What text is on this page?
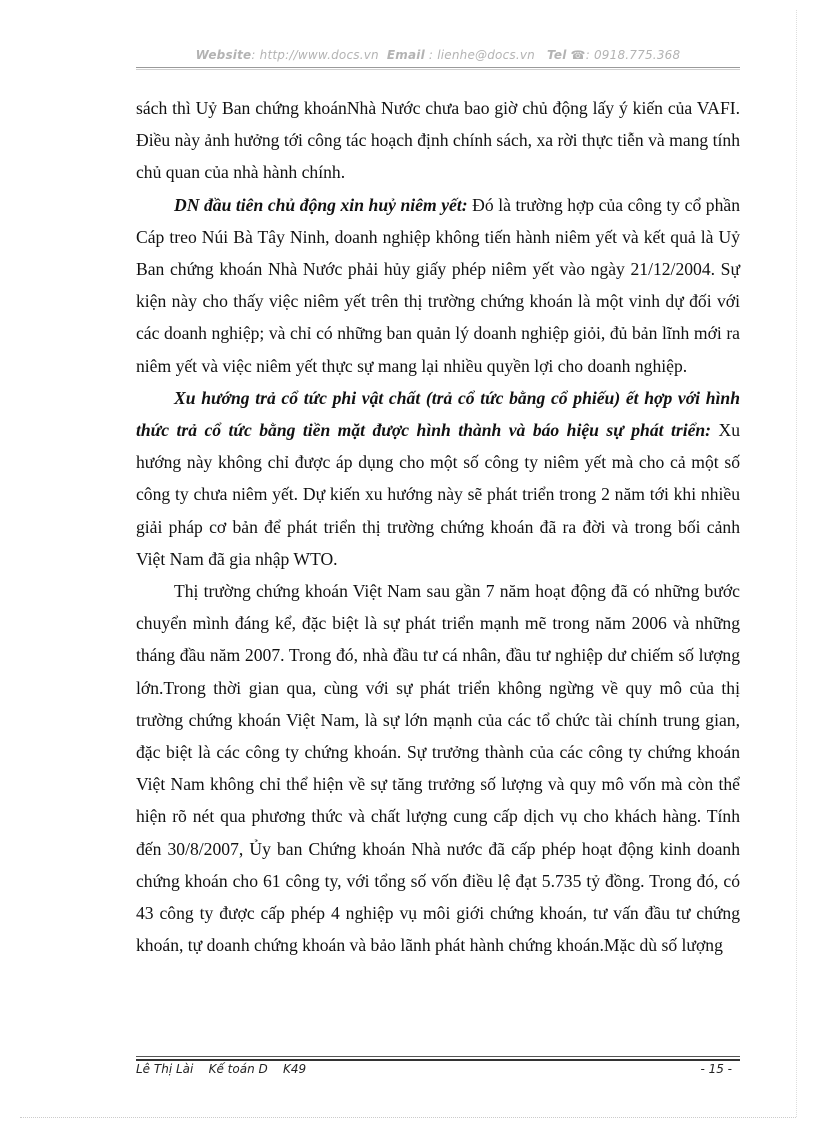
Website: http://www.docs.vn Email : lienhe@docs.vn Tel ☎: 0918.775.368

sách thì Uỷ Ban chứng khoánNhà Nước chưa bao giờ chủ động lấy ý kiến của VAFI. Điều này ảnh hưởng tới công tác hoạch định chính sách, xa rời thực tiễn và mang tính chủ quan của nhà hành chính.

DN đầu tiên chủ động xin huỷ niêm yết: Đó là trường hợp của công ty cổ phần Cáp treo Núi Bà Tây Ninh, doanh nghiệp không tiến hành niêm yết và kết quả là Uỷ Ban chứng khoán Nhà Nước phải hủy giấy phép niêm yết vào ngày 21/12/2004. Sự kiện này cho thấy việc niêm yết trên thị trường chứng khoán là một vinh dự đối với các doanh nghiệp; và chỉ có những ban quản lý doanh nghiệp giỏi, đủ bản lĩnh mới ra niêm yết và việc niêm yết thực sự mang lại nhiều quyền lợi cho doanh nghiệp.

Xu hướng trả cổ tức phi vật chất (trả cổ tức bằng cổ phiếu) ết hợp với hình thức trả cổ tức bằng tiền mặt được hình thành và báo hiệu sự phát triển: Xu hướng này không chỉ được áp dụng cho một số công ty niêm yết mà cho cả một số công ty chưa niêm yết. Dự kiến xu hướng này sẽ phát triển trong 2 năm tới khi nhiều giải pháp cơ bản để phát triển thị trường chứng khoán đã ra đời và trong bối cảnh Việt Nam đã gia nhập WTO.

Thị trường chứng khoán Việt Nam sau gần 7 năm hoạt động đã có những bước chuyển mình đáng kể, đặc biệt là sự phát triển mạnh mẽ trong năm 2006 và những tháng đầu năm 2007. Trong đó, nhà đầu tư cá nhân, đầu tư nghiệp dư chiếm số lượng lớn.Trong thời gian qua, cùng với sự phát triển không ngừng về quy mô của thị trường chứng khoán Việt Nam, là sự lớn mạnh của các tổ chức tài chính trung gian, đặc biệt là các công ty chứng khoán. Sự trưởng thành của các công ty chứng khoán Việt Nam không chỉ thể hiện về sự tăng trưởng số lượng và quy mô vốn mà còn thể hiện rõ nét qua phương thức và chất lượng cung cấp dịch vụ cho khách hàng. Tính đến 30/8/2007, Ủy ban Chứng khoán Nhà nước đã cấp phép hoạt động kinh doanh chứng khoán cho 61 công ty, với tổng số vốn điều lệ đạt 5.735 tỷ đồng. Trong đó, có 43 công ty được cấp phép 4 nghiệp vụ môi giới chứng khoán, tư vấn đầu tư chứng khoán, tự doanh chứng khoán và bảo lãnh phát hành chứng khoán.Mặc dù số lượng

Lê Thị Lài    Kế toán D    K49	- 15 -
